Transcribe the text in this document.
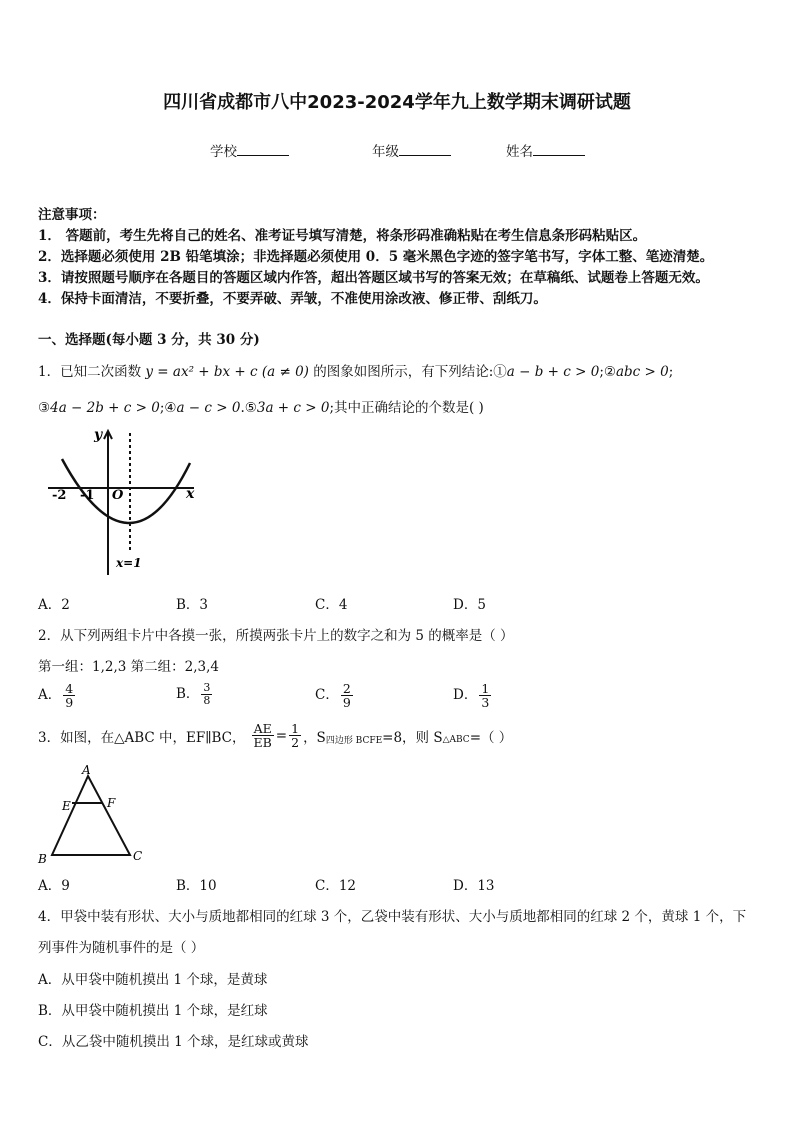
四川省成都市八中2023-2024学年九上数学期末调研试题
学校	年级	姓名
注意事项：
1． 答题前，考生先将自己的姓名、准考证号填写清楚，将条形码准确粘贴在考生信息条形码粘贴区。
2．选择题必须使用 2B 铅笔填涂；非选择题必须使用 0．5 毫米黑色字迹的签字笔书写，字体工整、笔迹清楚。
3．请按照题号顺序在各题目的答题区域内作答，超出答题区域书写的答案无效；在草稿纸、试题卷上答题无效。
4．保持卡面清洁，不要折叠，不要弄破、弄皱，不准使用涂改液、修正带、刮纸刀。
一、选择题(每小题 3 分，共 30 分)
1．已知二次函数 y = ax² + bx + c (a ≠ 0) 的图象如图所示，有下列结论:①a − b + c > 0;②abc > 0;
③4a − 2b + c > 0;④a − c > 0.⑤3a + c > 0;其中正确结论的个数是( )
y
x
-2 -1 O
x=1
A．2	B．3	C．4	D．5
2．从下列两组卡片中各摸一张，所摸两张卡片上的数字之和为 5 的概率是（ ）
第一组：1,2,3 第二组：2,3,4
A． $\frac{4}{9}$	B． $\frac{3}{8}$	C． $\frac{2}{9}$	D． $\frac{1}{3}$
3．如图，在△ABC 中，EF∥BC， $\frac{AE}{EB} = \frac{1}{2}$ ，S 四边形 BCFE =8，则 S △ABC =（ ）
A
E	F
B	C
A．9	B．10	C．12	D．13
4．甲袋中装有形状、大小与质地都相同的红球 3 个，乙袋中装有形状、大小与质地都相同的红球 2 个，黄球 1 个，下
列事件为随机事件的是（ ）
A．从甲袋中随机摸出 1 个球，是黄球
B．从甲袋中随机摸出 1 个球，是红球
C．从乙袋中随机摸出 1 个球，是红球或黄球
